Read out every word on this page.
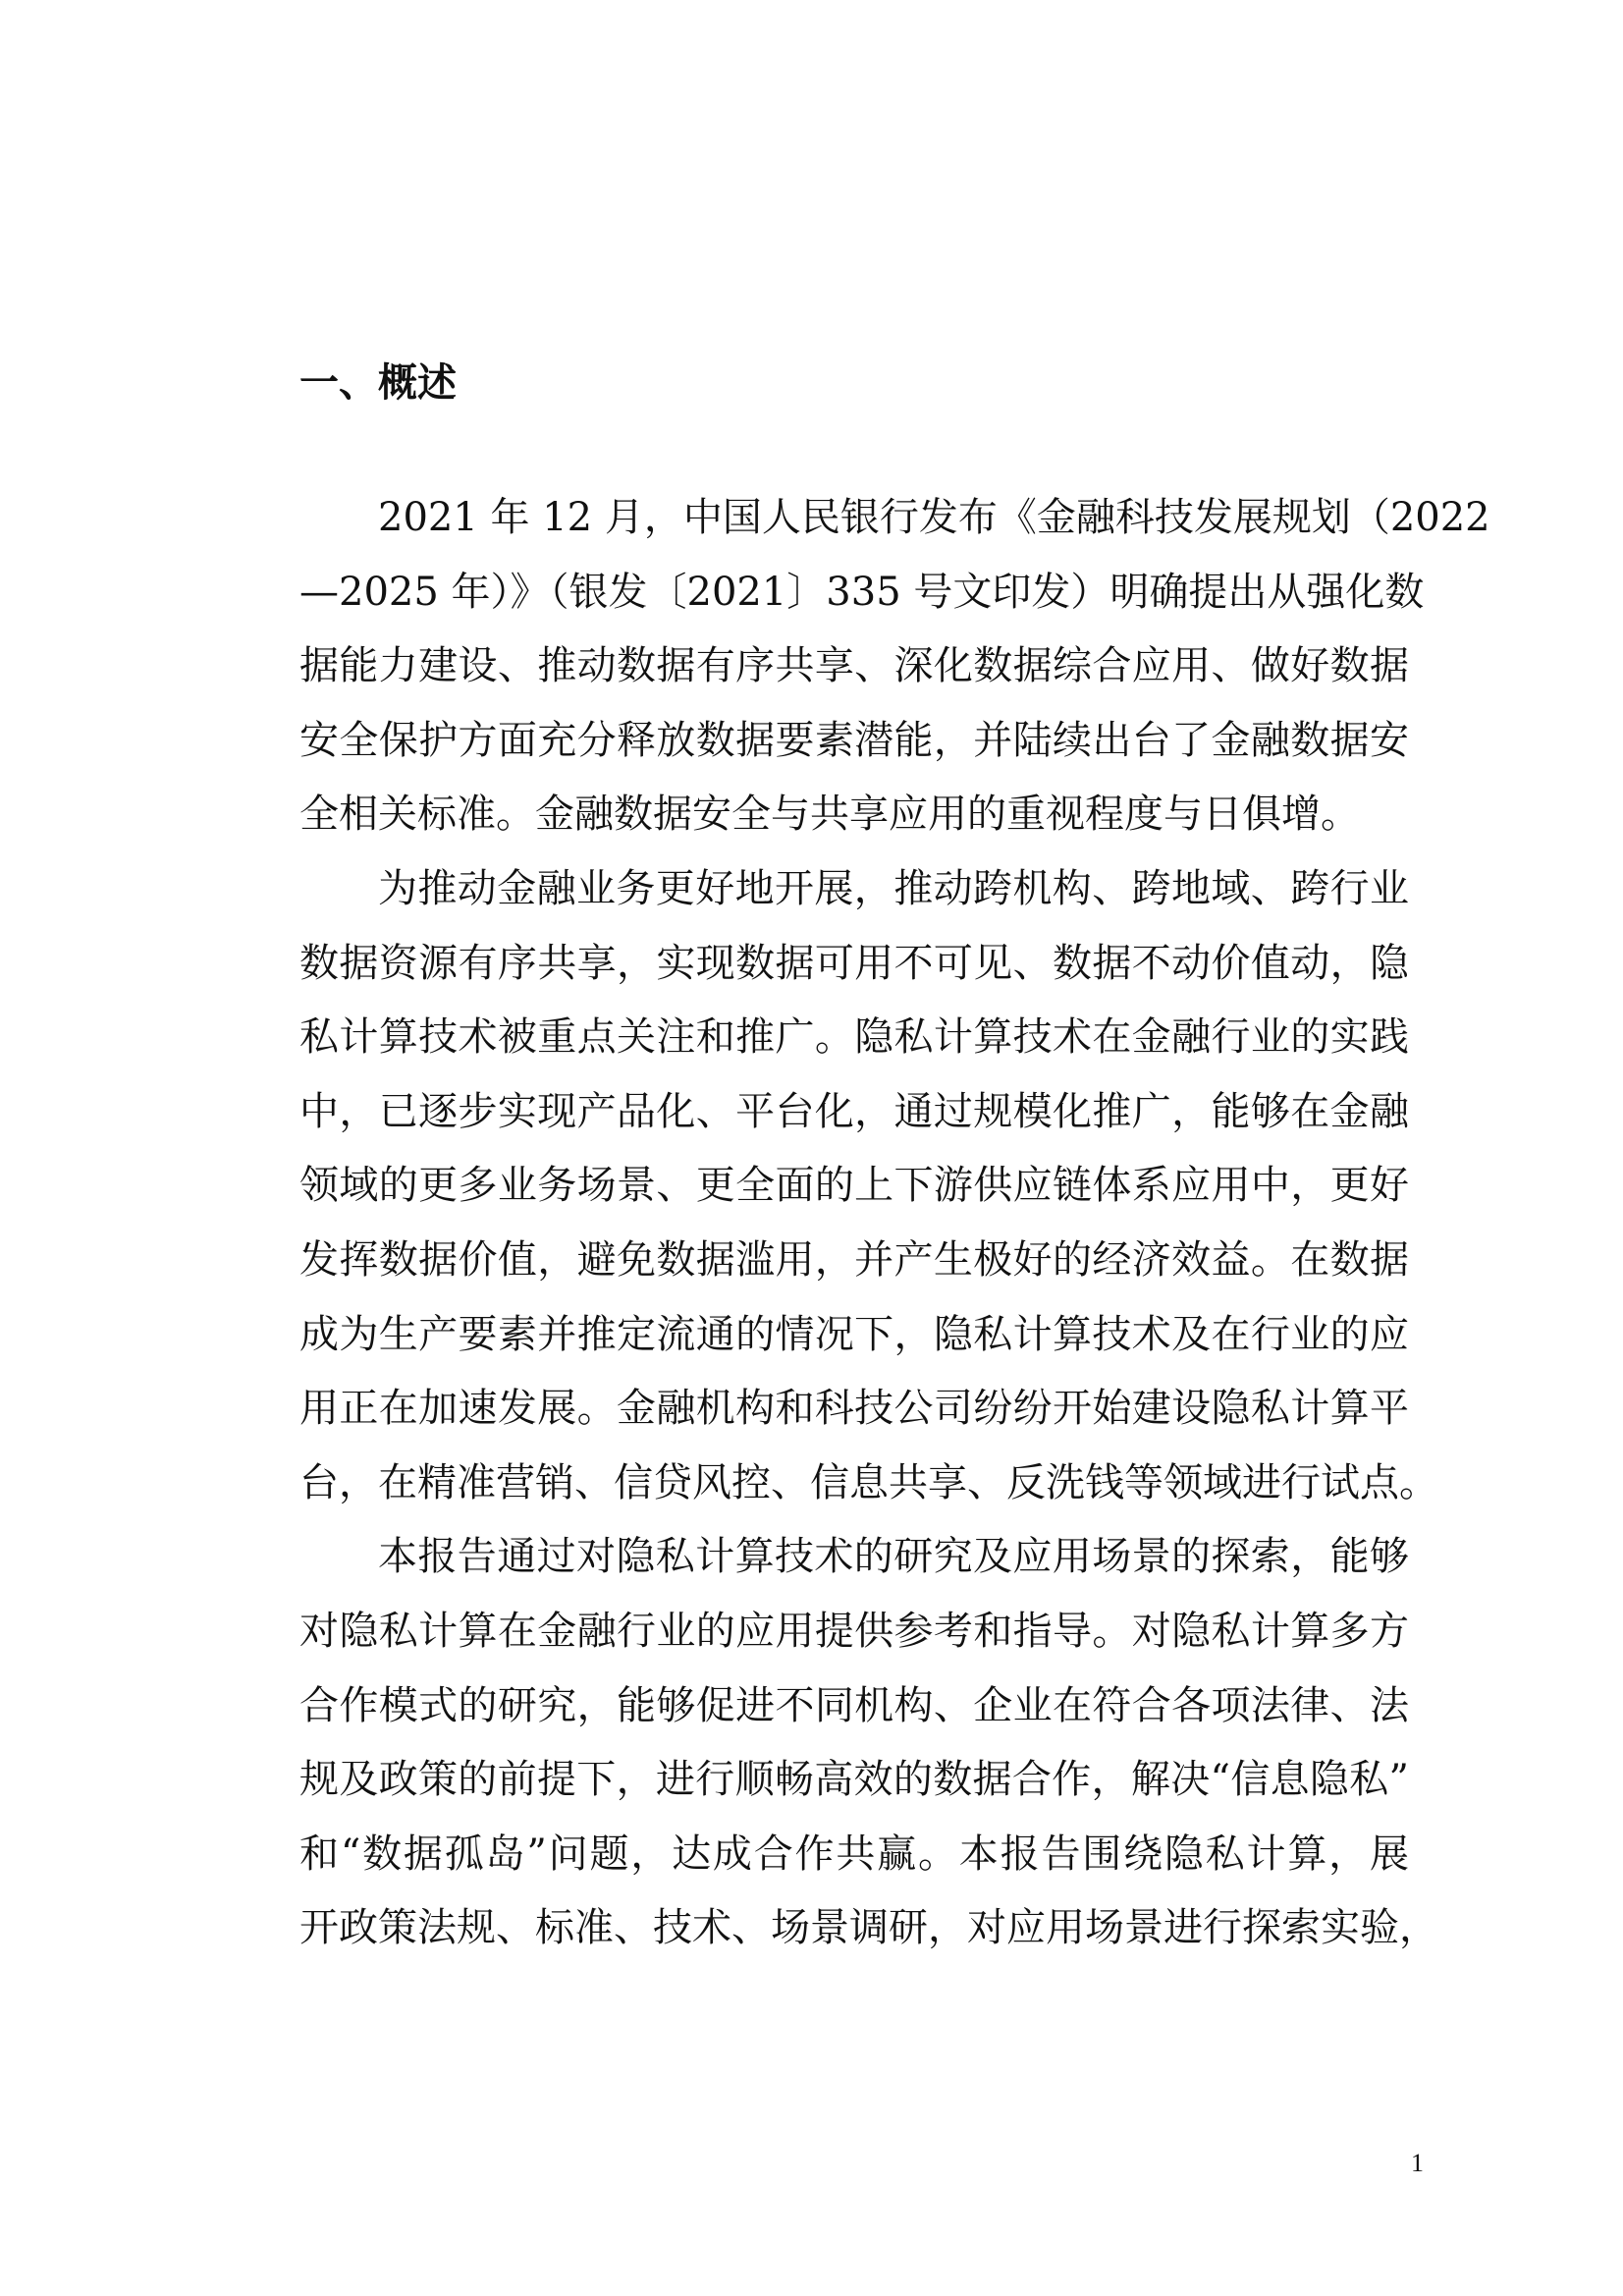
一、概述

2021 年 12 月，中国人民银行发布《金融科技发展规划（2022
—2025 年）》（银发〔2021〕335 号文印发）明确提出从强化数
据能力建设、推动数据有序共享、深化数据综合应用、做好数据
安全保护方面充分释放数据要素潜能，并陆续出台了金融数据安
全相关标准。金融数据安全与共享应用的重视程度与日俱增。

为推动金融业务更好地开展，推动跨机构、跨地域、跨行业
数据资源有序共享，实现数据可用不可见、数据不动价值动，隐
私计算技术被重点关注和推广。隐私计算技术在金融行业的实践
中，已逐步实现产品化、平台化，通过规模化推广，能够在金融
领域的更多业务场景、更全面的上下游供应链体系应用中，更好
发挥数据价值，避免数据滥用，并产生极好的经济效益。在数据
成为生产要素并推定流通的情况下，隐私计算技术及在行业的应
用正在加速发展。金融机构和科技公司纷纷开始建设隐私计算平
台，在精准营销、信贷风控、信息共享、反洗钱等领域进行试点。

本报告通过对隐私计算技术的研究及应用场景的探索，能够
对隐私计算在金融行业的应用提供参考和指导。对隐私计算多方
合作模式的研究，能够促进不同机构、企业在符合各项法律、法
规及政策的前提下，进行顺畅高效的数据合作，解决“信息隐私”
和“数据孤岛”问题，达成合作共赢。本报告围绕隐私计算，展
开政策法规、标准、技术、场景调研，对应用场景进行探索实验，

1
